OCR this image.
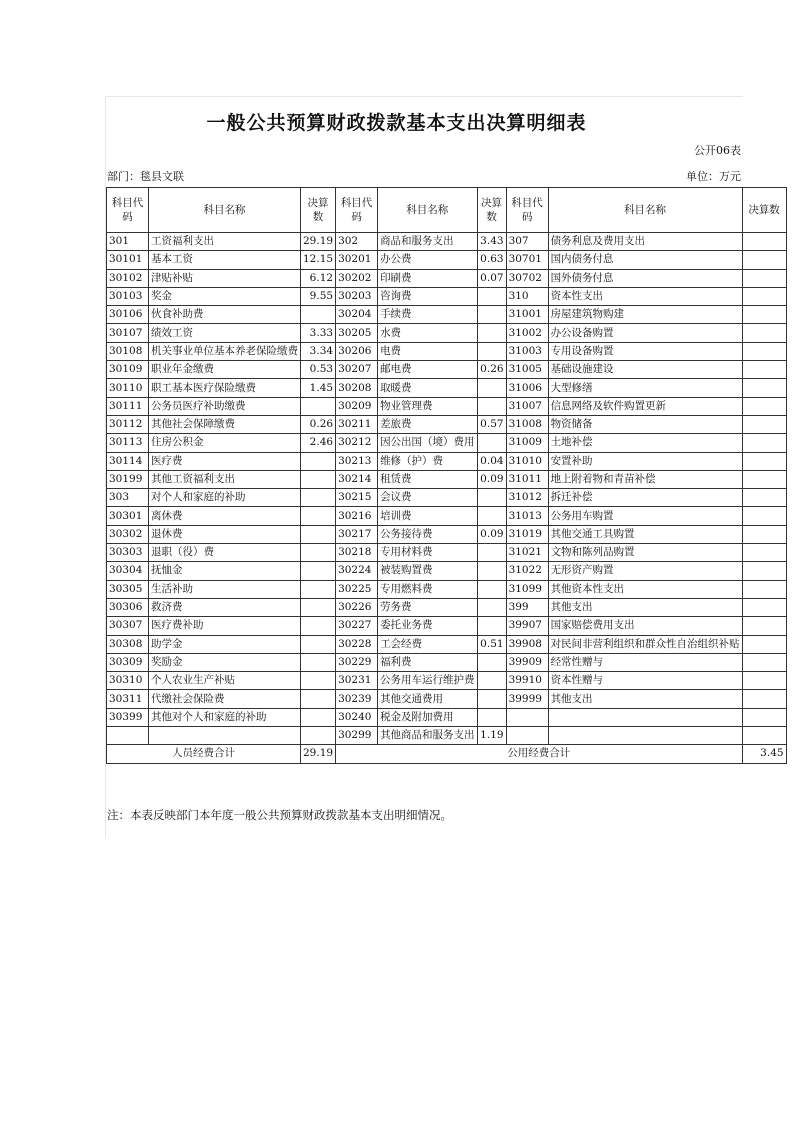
一般公共预算财政拨款基本支出决算明细表
公开06表
部门：毯县文联	单位：万元
科目代码	科目名称	决算数	科目代码	科目名称	决算数	科目代码	科目名称	决算数
301	工资福利支出	29.19	302	商品和服务支出	3.43	307	债务利息及费用支出	
30101	基本工资	12.15	30201	办公费	0.63	30701	国内债务付息	
30102	津贴补贴	6.12	30202	印刷费	0.07	30702	国外债务付息	
30103	奖金	9.55	30203	咨询费		310	资本性支出	
30106	伙食补助费		30204	手续费		31001	房屋建筑物购建	
30107	绩效工资	3.33	30205	水费		31002	办公设备购置	
30108	机关事业单位基本养老保险缴费	3.34	30206	电费		31003	专用设备购置	
30109	职业年金缴费	0.53	30207	邮电费	0.26	31005	基础设施建设	
30110	职工基本医疗保险缴费	1.45	30208	取暖费		31006	大型修缮	
30111	公务员医疗补助缴费		30209	物业管理费		31007	信息网络及软件购置更新	
30112	其他社会保障缴费	0.26	30211	差旅费	0.57	31008	物资储备	
30113	住房公积金	2.46	30212	因公出国（境）费用		31009	土地补偿	
30114	医疗费		30213	维修（护）费	0.04	31010	安置补助	
30199	其他工资福利支出		30214	租赁费	0.09	31011	地上附着物和青苗补偿	
303	对个人和家庭的补助		30215	会议费		31012	拆迁补偿	
30301	离休费		30216	培训费		31013	公务用车购置	
30302	退休费		30217	公务接待费	0.09	31019	其他交通工具购置	
30303	退职（役）费		30218	专用材料费		31021	文物和陈列品购置	
30304	抚恤金		30224	被装购置费		31022	无形资产购置	
30305	生活补助		30225	专用燃料费		31099	其他资本性支出	
30306	救济费		30226	劳务费		399	其他支出	
30307	医疗费补助		30227	委托业务费		39907	国家赔偿费用支出	
30308	助学金		30228	工会经费	0.51	39908	对民间非营利组织和群众性自治组织补贴	
30309	奖励金		30229	福利费		39909	经常性赠与	
30310	个人农业生产补贴		30231	公务用车运行维护费		39910	资本性赠与	
30311	代缴社会保险费		30239	其他交通费用		39999	其他支出	
30399	其他对个人和家庭的补助		30240	税金及附加费用				
			30299	其他商品和服务支出	1.19			
人员经费合计		29.19	公用经费合计					3.45
注：本表反映部门本年度一般公共预算财政拨款基本支出明细情况。
